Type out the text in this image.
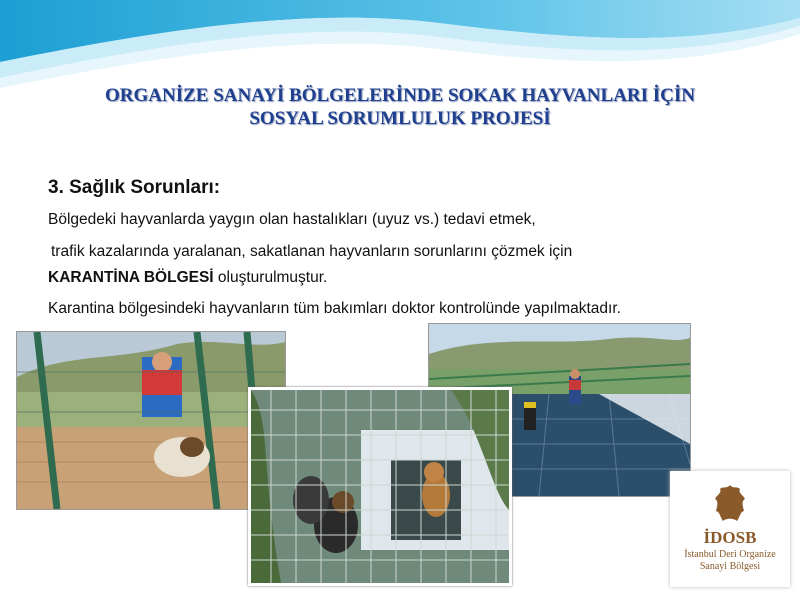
ORGANİZE SANAYİ BÖLGELERİNDE SOKAK HAYVANLARI İÇİN
SOSYAL SORUMLULUK PROJESİ
3. Sağlık Sorunları:
Bölgedeki hayvanlarda yaygın olan hastalıkları (uyuz vs.) tedavi etmek,
trafik kazalarında yaralanan, sakatlanan hayvanların sorunlarını çözmek için
KARANTİNA BÖLGESİ oluşturulmuştur.
Karantina bölgesindeki hayvanların tüm bakımları doktor kontrolünde yapılmaktadır.
İDOSB
İstanbul Deri Organize
Sanayi Bölgesi
